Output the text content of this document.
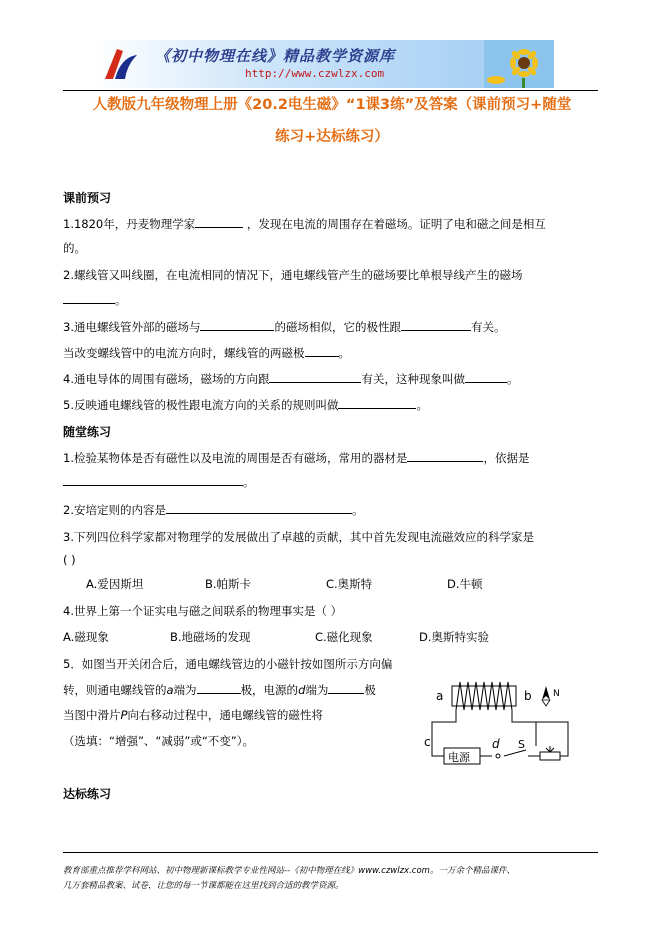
《初中物理在线》精品教学资源库
http://www.czwlzx.com
人教版九年级物理上册《20.2电生磁》“1课3练”及答案（课前预习+随堂
练习+达标练习）
课前预习
1.1820年，丹麦物理学家	，发现在电流的周围存在着磁场。证明了电和磁之间是相互
的。
2.螺线管又叫线圈，在电流相同的情况下，通电螺线管产生的磁场要比单根导线产生的磁场
。
3.通电螺线管外部的磁场与	的磁场相似，它的极性跟	有关。
当改变螺线管中的电流方向时，螺线管的两磁极	。
4.通电导体的周围有磁场，磁场的方向跟	有关，这种现象叫做	。
5.反映通电螺线管的极性跟电流方向的关系的规则叫做	。
随堂练习
1.检验某物体是否有磁性以及电流的周围是否有磁场，常用的器材是	，依据是
。
2.安培定则的内容是	。
3.下列四位科学家都对物理学的发展做出了卓越的贡献，其中首先发现电流磁效应的科学家是
( )
A.爱因斯坦	B.帕斯卡	C.奥斯特	D.牛顿
4.世界上第一个证实电与磁之间联系的物理事实是（ ）
A.磁现象	B.地磁场的发现	C.磁化现象	D.奥斯特实验
5．如图当开关闭合后，通电螺线管边的小磁针按如图所示方向偏
转，则通电螺线管的a端为	极，电源的d端为	极
当图中滑片P向右移动过程中，通电螺线管的磁性将
（选填：“增强”、“减弱”或“不变”）。
a	b N
电源
c	d S
达标练习
教育部重点推荐学科网站、初中物理新课标教学专业性网站--《初中物理在线》www.czwlzx.com。一万余个精品课件、
几万套精品教案、试卷，让您的每一节课都能在这里找到合适的教学资源。
